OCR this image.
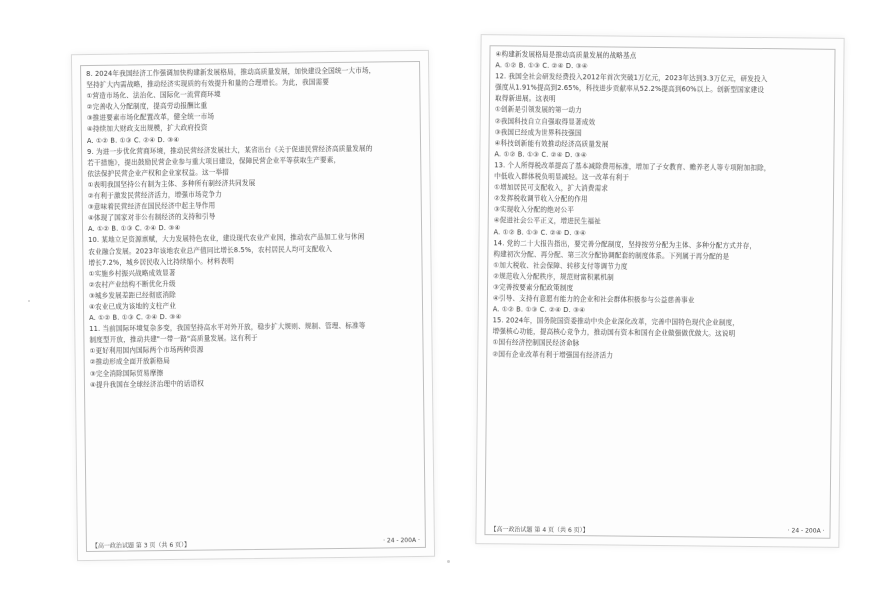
8. 2024年我国经济工作强调加快构建新发展格局，推动高质量发展，加快建设全国统一大市场，
坚持扩大内需战略，推动经济实现质的有效提升和量的合理增长。为此，我国需要
①营造市场化、法治化、国际化一流营商环境
②完善收入分配制度，提高劳动报酬比重
③推进要素市场化配置改革，健全统一市场
④持续加大财政支出规模，扩大政府投资
A. ①② B. ①③ C. ②④ D. ③④
9. 为进一步优化营商环境，推动民营经济发展壮大，某省出台《关于促进民营经济高质量发展的
若干措施》，提出鼓励民营企业参与重大项目建设，保障民营企业平等获取生产要素，
依法保护民营企业产权和企业家权益。这一举措
①表明我国坚持公有制为主体、多种所有制经济共同发展
②有利于激发民营经济活力，增强市场竞争力
③意味着民营经济在国民经济中起主导作用
④体现了国家对非公有制经济的支持和引导
A. ①② B. ①③ C. ②④ D. ③④
10. 某地立足资源禀赋，大力发展特色农业，建设现代农业产业园，推动农产品加工业与休闲
农业融合发展。2023年该地农业总产值同比增长8.5%，农村居民人均可支配收入
增长7.2%，城乡居民收入比持续缩小。材料表明
①实施乡村振兴战略成效显著
②农村产业结构不断优化升级
③城乡发展差距已经彻底消除
④农业已成为该地的支柱产业
A. ①② B. ①③ C. ②④ D. ③④
11. 当前国际环境复杂多变，我国坚持高水平对外开放，稳步扩大规则、规制、管理、标准等
制度型开放，推动共建"一带一路"高质量发展。这有利于
①更好利用国内国际两个市场两种资源
②推动形成全面开放新格局
③完全消除国际贸易摩擦
④提升我国在全球经济治理中的话语权
【高一政治试题 第 3 页（共 6 页）】
· 24 - 200A ·
④构建新发展格局是推动高质量发展的战略基点
A. ①② B. ①③ C. ②④ D. ③④
12. 我国全社会研发经费投入2012年首次突破1万亿元，2023年达到3.3万亿元，研发投入
强度从1.91%提高到2.65%，科技进步贡献率从52.2%提高到60%以上。创新型国家建设
取得新进展。这表明
①创新是引领发展的第一动力
②我国科技自立自强取得显著成效
③我国已经成为世界科技强国
④科技创新能有效推动经济高质量发展
A. ①② B. ①③ C. ②④ D. ③④
13. 个人所得税改革提高了基本减除费用标准，增加了子女教育、赡养老人等专项附加扣除，
中低收入群体税负明显减轻。这一改革有利于
①增加居民可支配收入，扩大消费需求
②发挥税收调节收入分配的作用
③实现收入分配的绝对公平
④促进社会公平正义，增进民生福祉
A. ①② B. ①③ C. ②④ D. ③④
14. 党的二十大报告指出，要完善分配制度，坚持按劳分配为主体、多种分配方式并存，
构建初次分配、再分配、第三次分配协调配套的制度体系。下列属于再分配的是
①加大税收、社会保障、转移支付等调节力度
②规范收入分配秩序，规范财富积累机制
③完善按要素分配政策制度
④引导、支持有意愿有能力的企业和社会群体积极参与公益慈善事业
A. ①② B. ①③ C. ②④ D. ③④
15. 2024年，国务院国资委推动中央企业深化改革，完善中国特色现代企业制度，
增强核心功能，提高核心竞争力，推动国有资本和国有企业做强做优做大。这说明
①国有经济控制国民经济命脉
②国有企业改革有利于增强国有经济活力
【高一政治试题 第 4 页（共 6 页）】	· 24 - 200A ·
